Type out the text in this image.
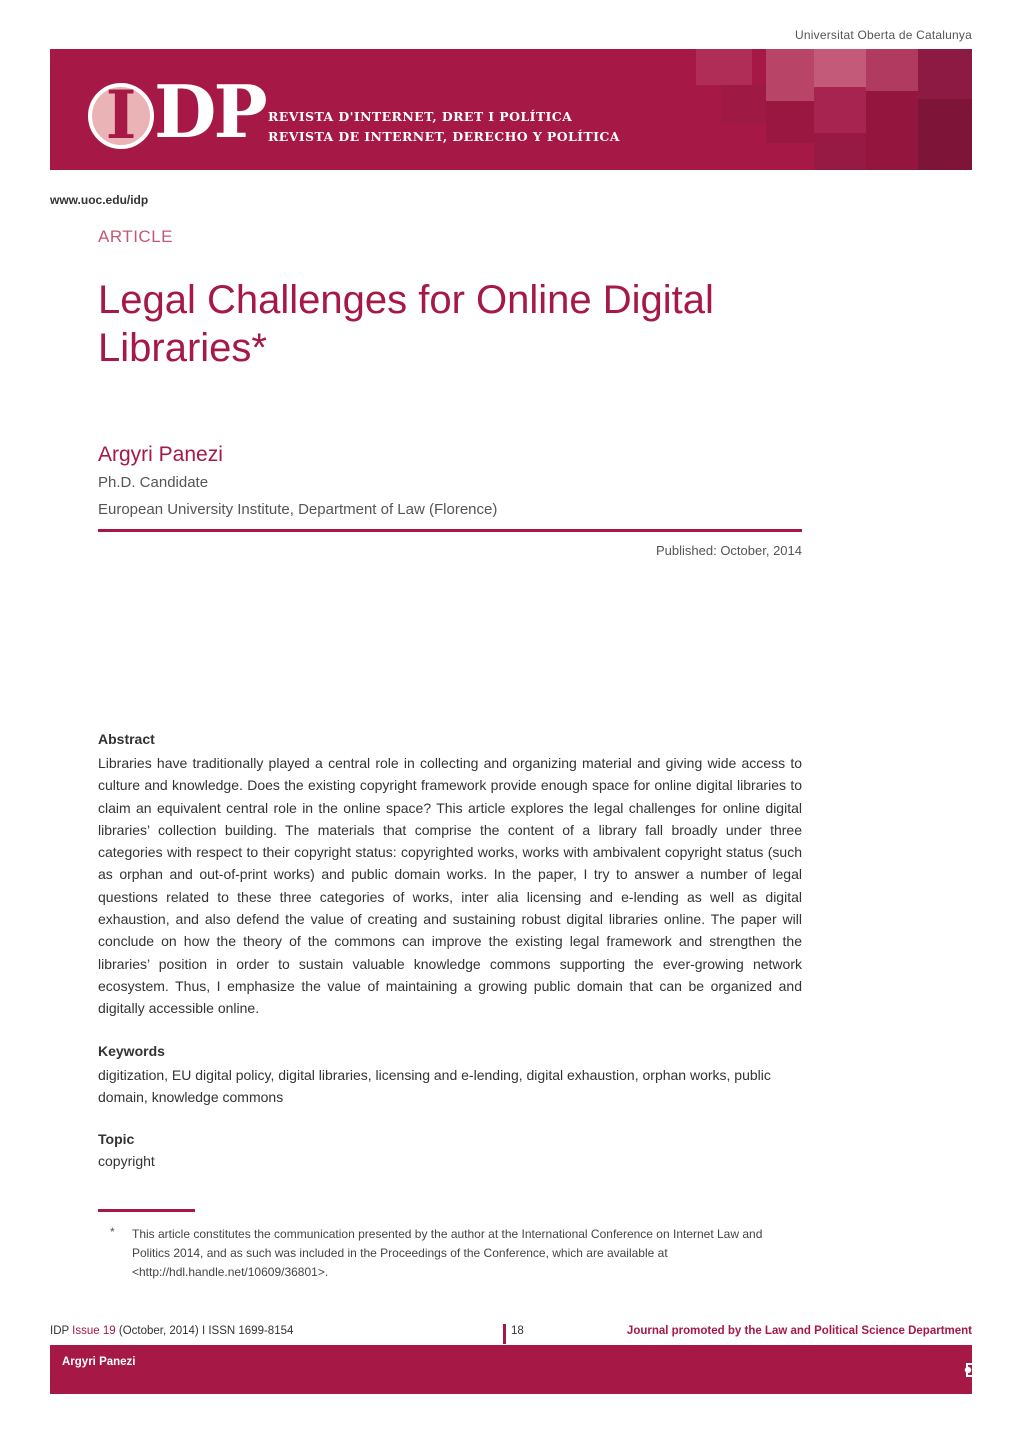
Universitat Oberta de Catalunya
I DP REVISTA D'INTERNET, DRET I POLÍTICA
REVISTA DE INTERNET, DERECHO Y POLÍTICA
www.uoc.edu/idp
ARTICLE
Legal Challenges for Online Digital Libraries*
Argyri Panezi
Ph.D. Candidate
European University Institute, Department of Law (Florence)
Published: October, 2014
Abstract

Libraries have traditionally played a central role in collecting and organizing material and giving wide access to culture and knowledge. Does the existing copyright framework provide enough space for online digital libraries to claim an equivalent central role in the online space? This article explores the legal challenges for online digital libraries’ collection building. The materials that comprise the content of a library fall broadly under three categories with respect to their copyright status: copyrighted works, works with ambivalent copyright status (such as orphan and out-of-print works) and public domain works. In the paper, I try to answer a number of legal questions related to these three categories of works, inter alia licensing and e-lending as well as digital exhaustion, and also defend the value of creating and sustaining robust digital libraries online. The paper will conclude on how the theory of the commons can improve the existing legal framework and strengthen the libraries’ position in order to sustain valuable knowledge commons supporting the ever-growing network ecosystem. Thus, I emphasize the value of maintaining a growing public domain that can be organized and digitally accessible online.

Keywords

digitization, EU digital policy, digital libraries, licensing and e-lending, digital exhaustion, orphan works, public domain, knowledge commons

Topic
copyright
* This article constitutes the communication presented by the author at the International Conference on Internet Law and Politics 2014, and as such was included in the Proceedings of the Conference, which are available at <http://hdl.handle.net/10609/36801>.

IDP Issue 19 (October, 2014) I ISSN 1699-8154	18	Journal promoted by the Law and Political Science Department
Argyri Panezi	UOC
